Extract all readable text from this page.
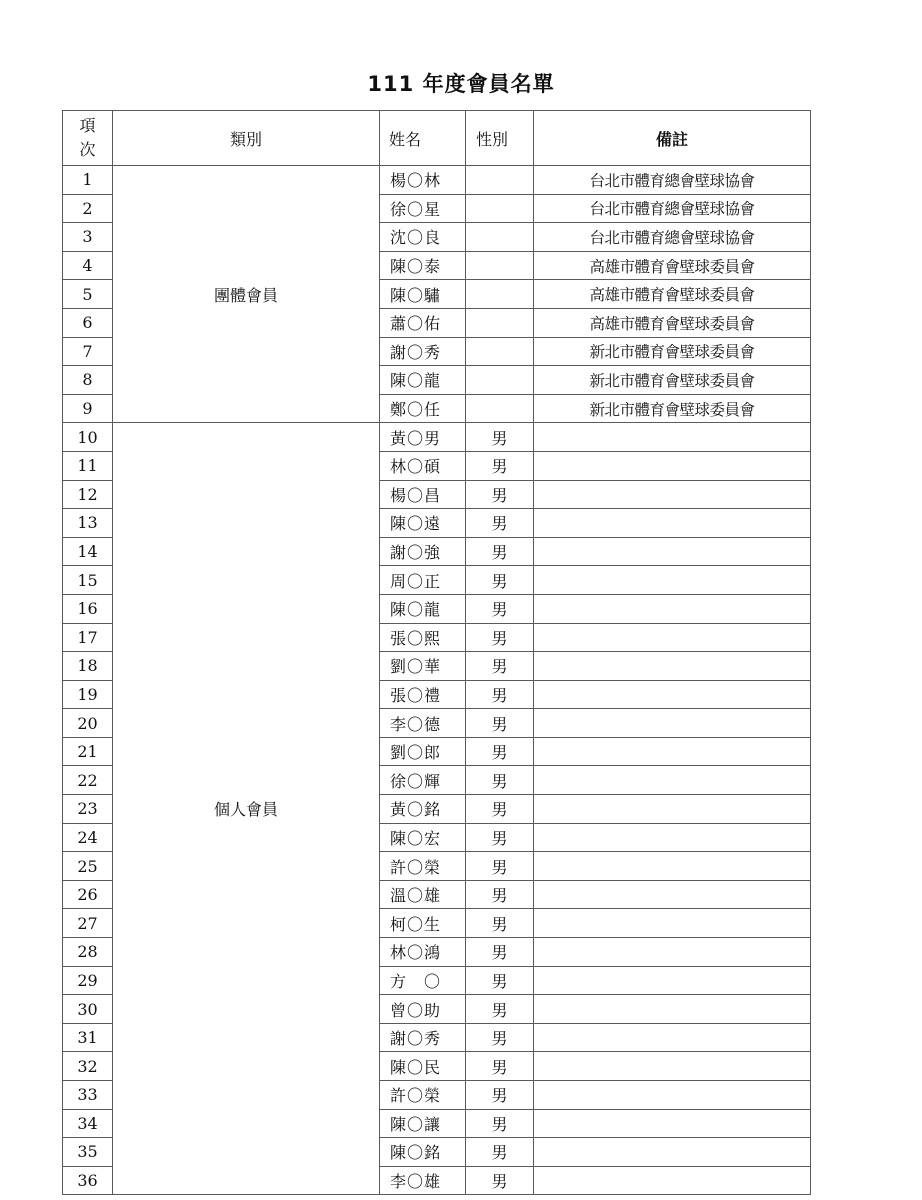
111 年度會員名單
項
次	類別	姓名	性別	備註
1	團體會員	楊〇林		台北市體育總會壁球協會
2		徐〇星		台北市體育總會壁球協會
3		沈〇良		台北市體育總會壁球協會
4		陳〇泰		高雄市體育會壁球委員會
5		陳〇驌		高雄市體育會壁球委員會
6		蕭〇佑		高雄市體育會壁球委員會
7		謝〇秀		新北市體育會壁球委員會
8		陳〇龍		新北市體育會壁球委員會
9		鄭〇任		新北市體育會壁球委員會
10	個人會員	黃〇男	男	
11		林〇碩	男	
12		楊〇昌	男	
13		陳〇遠	男	
14		謝〇強	男	
15		周〇正	男	
16		陳〇龍	男	
17		張〇熙	男	
18		劉〇華	男	
19		張〇禮	男	
20		李〇德	男	
21		劉〇郎	男	
22		徐〇輝	男	
23		黃〇銘	男	
24		陳〇宏	男	
25		許〇榮	男	
26		溫〇雄	男	
27		柯〇生	男	
28		林〇鴻	男	
29		方　〇	男	
30		曾〇助	男	
31		謝〇秀	男	
32		陳〇民	男	
33		許〇榮	男	
34		陳〇讓	男	
35		陳〇銘	男	
36		李〇雄	男	
